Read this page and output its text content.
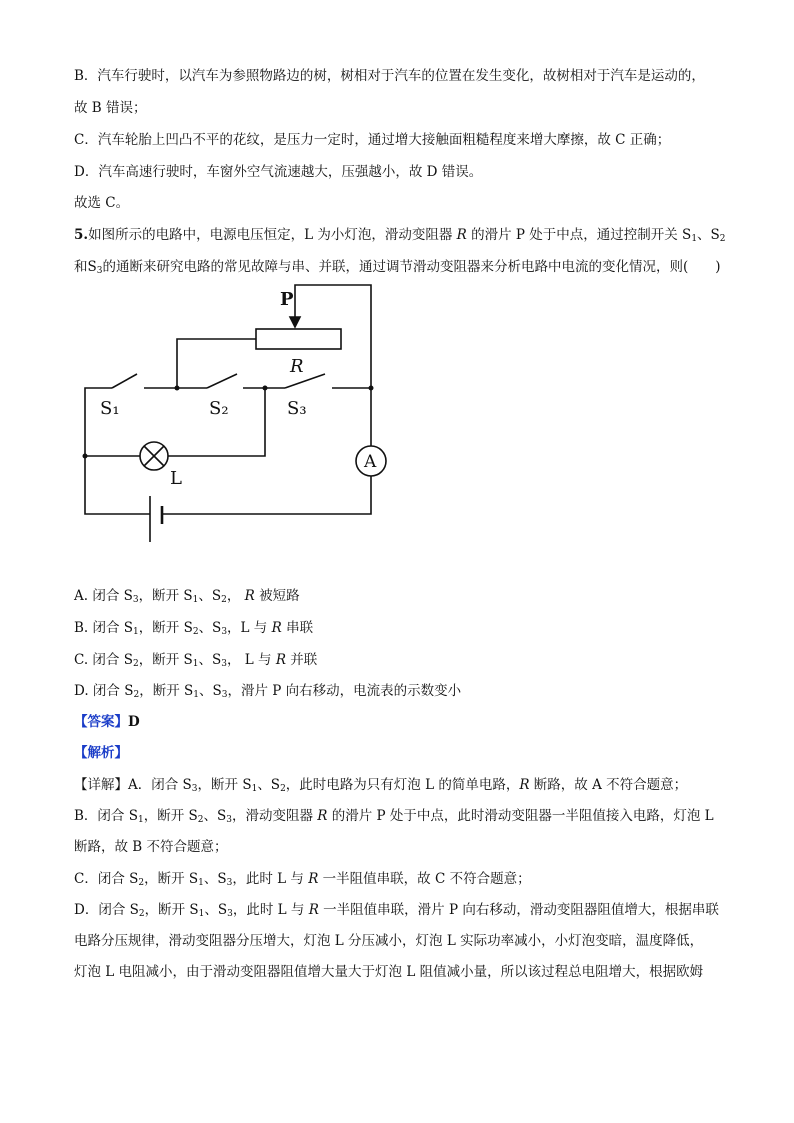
B．汽车行驶时，以汽车为参照物路边的树，树相对于汽车的位置在发生变化，故树相对于汽车是运动的，
故 B 错误；
C．汽车轮胎上凹凸不平的花纹，是压力一定时，通过增大接触面粗糙程度来增大摩擦，故 C 正确；
D．汽车高速行驶时，车窗外空气流速越大，压强越小，故 D 错误。
故选 C。
5.如图所示的电路中，电源电压恒定，L 为小灯泡，滑动变阻器 R 的滑片 P 处于中点，通过控制开关 $S_1$、$S_2$
和$S_3$的通断来研究电路的常见故障与串、并联，通过调节滑动变阻器来分析电路中电流的变化情况，则(　　)
P
R
S₁	S₂	S₃
L
A
A. 闭合 $S_3$，断开 $S_1$、$S_2$， R 被短路
B. 闭合 $S_1$，断开 $S_2$、$S_3$，L 与 R 串联
C. 闭合 $S_2$，断开 $S_1$、$S_3$， L 与 R 并联
D. 闭合 $S_2$，断开 $S_1$、$S_3$，滑片 P 向右移动，电流表的示数变小
【答案】D
【解析】
【详解】A．闭合 $S_3$，断开 $S_1$、$S_2$，此时电路为只有灯泡 L 的简单电路，R 断路，故 A 不符合题意；
B．闭合 $S_1$，断开 $S_2$、$S_3$，滑动变阻器 R 的滑片 P 处于中点，此时滑动变阻器一半阻值接入电路，灯泡 L
断路，故 B 不符合题意；
C．闭合 $S_2$，断开 $S_1$、$S_3$，此时 L 与 R 一半阻值串联，故 C 不符合题意；
D．闭合 $S_2$，断开 $S_1$、$S_3$，此时 L 与 R 一半阻值串联，滑片 P 向右移动，滑动变阻器阻值增大，根据串联
电路分压规律，滑动变阻器分压增大，灯泡 L 分压减小，灯泡 L 实际功率减小，小灯泡变暗，温度降低，
灯泡 L 电阻减小，由于滑动变阻器阻值增大量大于灯泡 L 阻值减小量，所以该过程总电阻增大，根据欧姆
